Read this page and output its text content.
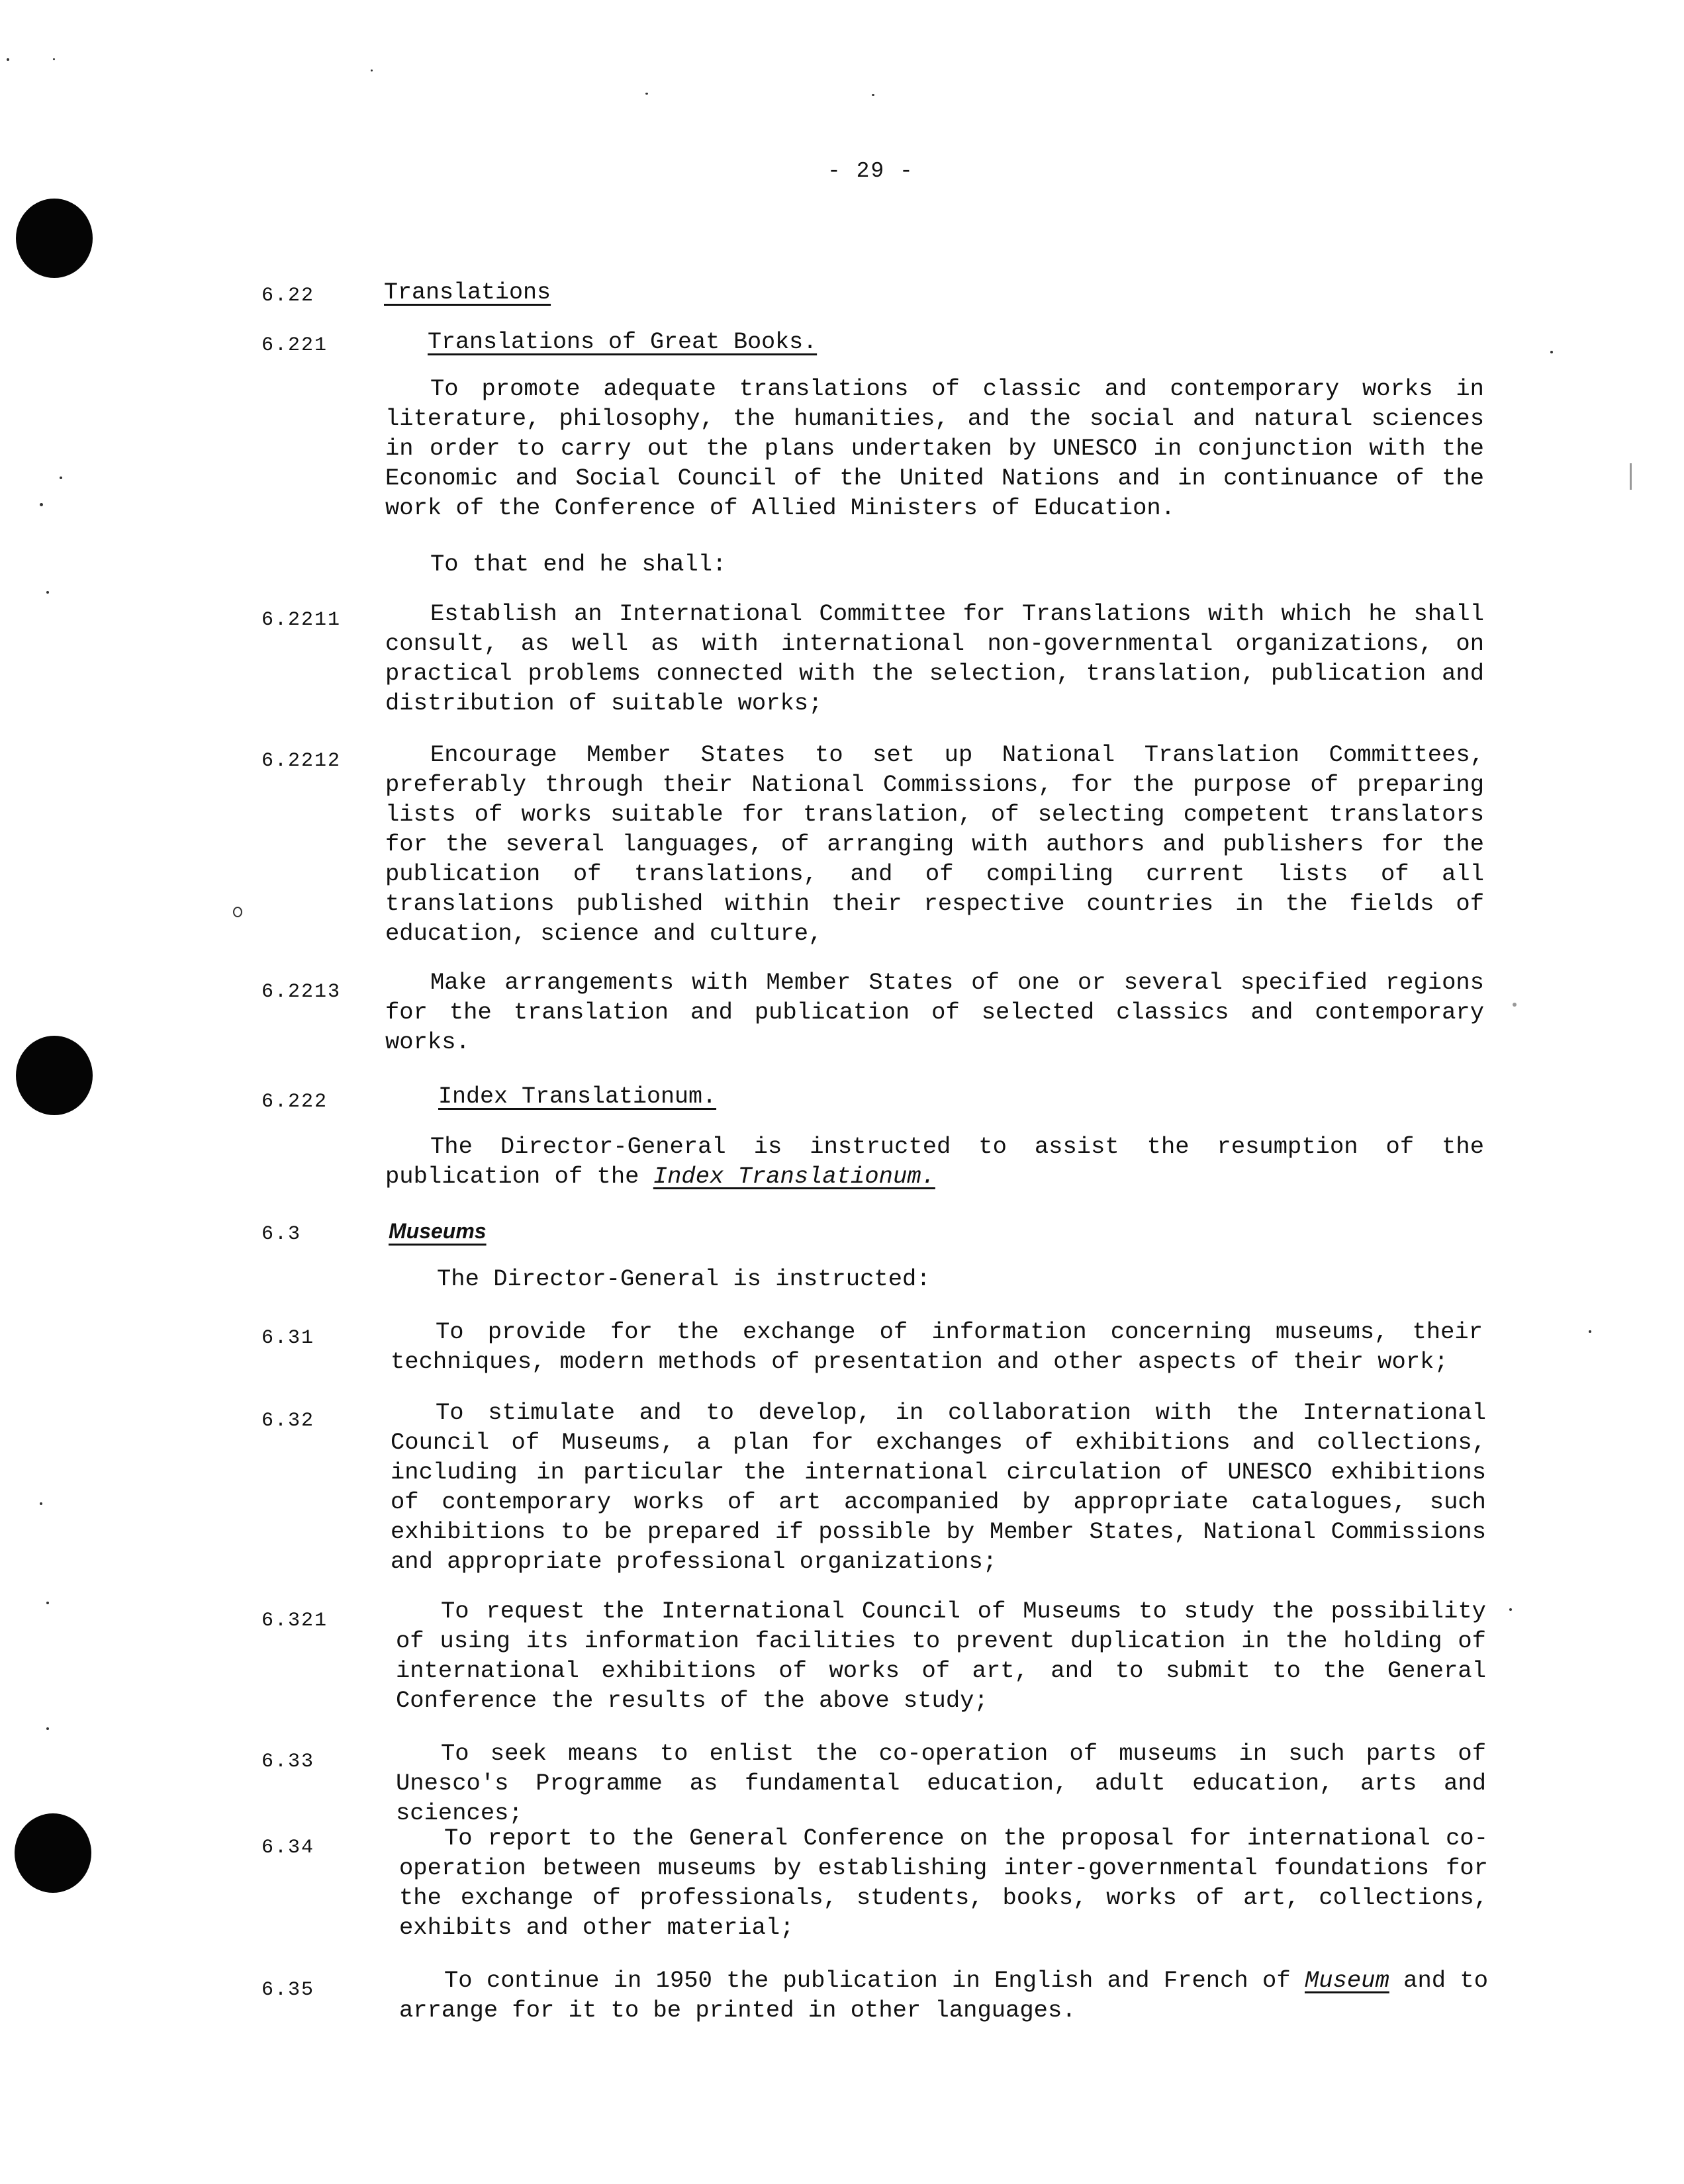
- 29 -
6.22	Translations
6.221	Translations of Great Books.
To promote adequate translations of classic and contemporary works in literature, philosophy, the humanities, and the social and natural sciences in order to carry out the plans undertaken by UNESCO in conjunction with the Economic and Social Council of the United Nations and in continuance of the work of the Conference of Allied Ministers of Education.
To that end he shall:
6.2211	Establish an International Committee for Translations with which he shall consult, as well as with international non-governmental organizations, on practical problems connected with the selection, translation, publication and distribution of suitable works;
6.2212	Encourage Member States to set up National Translation Committees, preferably through their National Commissions, for the purpose of preparing lists of works suitable for translation, of selecting competent translators for the several languages, of arranging with authors and publishers for the publication of translations, and of compiling current lists of all translations published within their respective countries in the fields of education, science and culture,
6.2213	Make arrangements with Member States of one or several specified regions for the translation and publication of selected classics and contemporary works.
6.222	Index Translationum.
The Director-General is instructed to assist the resumption of the publication of the Index Translationum.
6.3	Museums
The Director-General is instructed:
6.31	To provide for the exchange of information concerning museums, their techniques, modern methods of presentation and other aspects of their work;
6.32	To stimulate and to develop, in collaboration with the International Council of Museums, a plan for exchanges of exhibitions and collections, including in particular the international circulation of UNESCO exhibitions of contemporary works of art accompanied by appropriate catalogues, such exhibitions to be prepared if possible by Member States, National Commissions and appropriate professional organizations;
6.321	To request the International Council of Museums to study the possibility of using its information facilities to prevent duplication in the holding of international exhibitions of works of art, and to submit to the General Conference the results of the above study;
6.33	To seek means to enlist the co-operation of museums in such parts of Unesco's Programme as fundamental education, adult education, arts and sciences;
6.34	To report to the General Conference on the proposal for international co-operation between museums by establishing inter-governmental foundations for the exchange of professionals, students, books, works of art, collections, exhibits and other material;
6.35	To continue in 1950 the publication in English and French of Museum and to arrange for it to be printed in other languages.
